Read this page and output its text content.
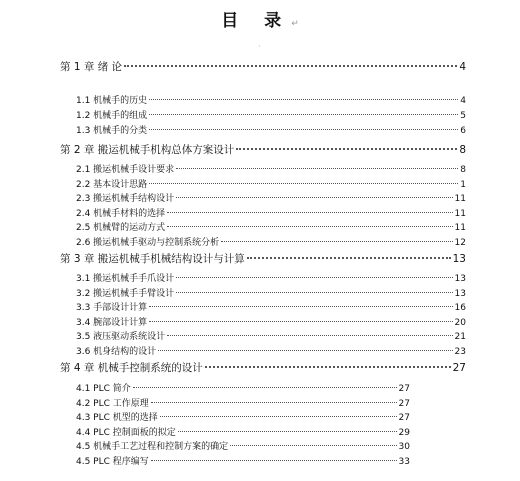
目 录↵
·
第 1 章 绪 论	4
1.1 机械手的历史	4
1.2 机械手的组成	5
1.3 机械手的分类	6
第 2 章 搬运机械手机构总体方案设计	8
2.1 搬运机械手设计要求	8
2.2 基本设计思路	1
2.3 搬运机械手结构设计	11
2.4 机械手材料的选择	11
2.5 机械臂的运动方式	11
2.6 搬运机械手驱动与控制系统分析	12
第 3 章 搬运机械手机械结构设计与计算	13
3.1 搬运机械手手爪设计	13
3.2 搬运机械手手臂设计	13
3.3 手部设计计算	16
3.4 腕部设计计算	20
3.5 液压驱动系统设计	21
3.6 机身结构的设计	23
第 4 章 机械手控制系统的设计	27
4.1 PLC 简介	27
4.2 PLC 工作原理	27
4.3 PLC 机型的选择	27
4.4 PLC 控制面板的拟定	29
4.5 机械手工艺过程和控制方案的确定	30
4.5 PLC 程序编写	33
